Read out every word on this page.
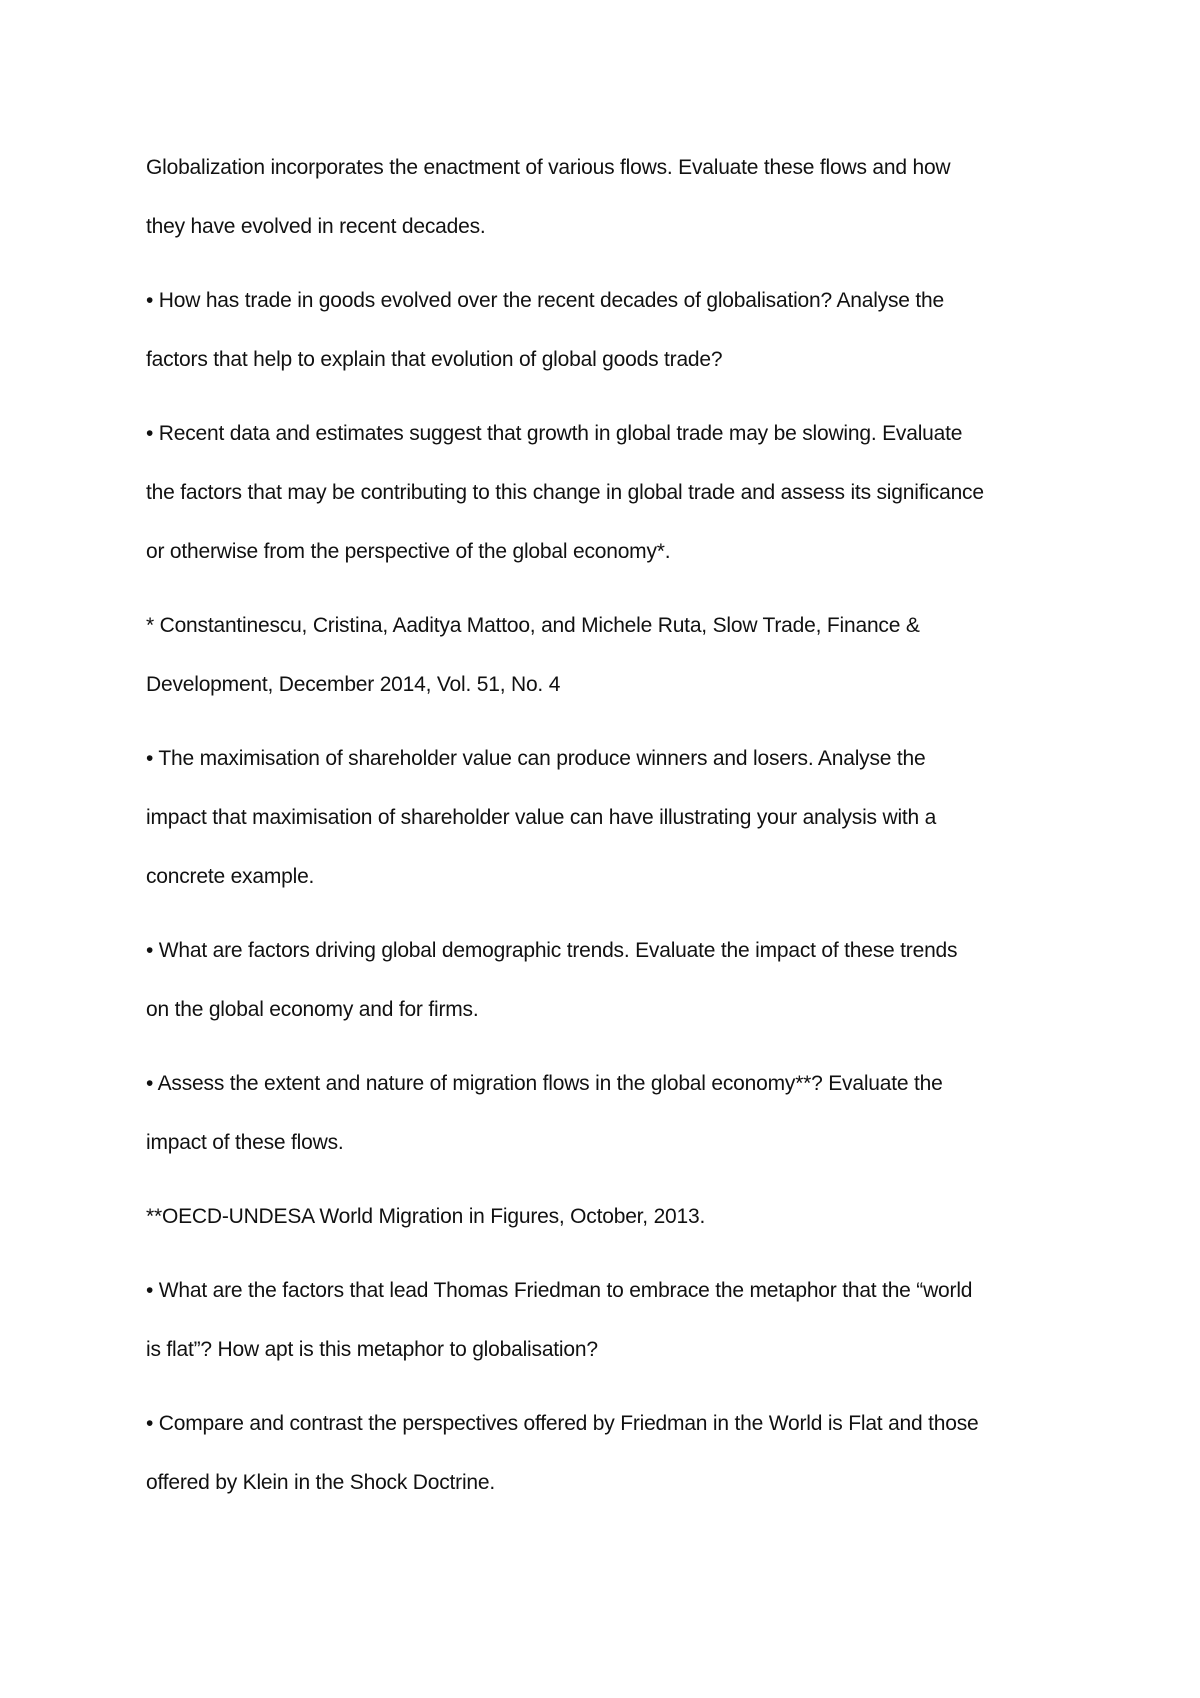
Globalization incorporates the enactment of various flows. Evaluate these flows and how
they have evolved in recent decades.

• How has trade in goods evolved over the recent decades of globalisation? Analyse the
factors that help to explain that evolution of global goods trade?

• Recent data and estimates suggest that growth in global trade may be slowing. Evaluate
the factors that may be contributing to this change in global trade and assess its significance
or otherwise from the perspective of the global economy*.

* Constantinescu, Cristina, Aaditya Mattoo, and Michele Ruta, Slow Trade, Finance &
Development, December 2014, Vol. 51, No. 4

• The maximisation of shareholder value can produce winners and losers. Analyse the
impact that maximisation of shareholder value can have illustrating your analysis with a
concrete example.

• What are factors driving global demographic trends. Evaluate the impact of these trends
on the global economy and for firms.

• Assess the extent and nature of migration flows in the global economy**? Evaluate the
impact of these flows.

**OECD-UNDESA World Migration in Figures, October, 2013.

• What are the factors that lead Thomas Friedman to embrace the metaphor that the “world
is flat”? How apt is this metaphor to globalisation?

• Compare and contrast the perspectives offered by Friedman in the World is Flat and those
offered by Klein in the Shock Doctrine.
